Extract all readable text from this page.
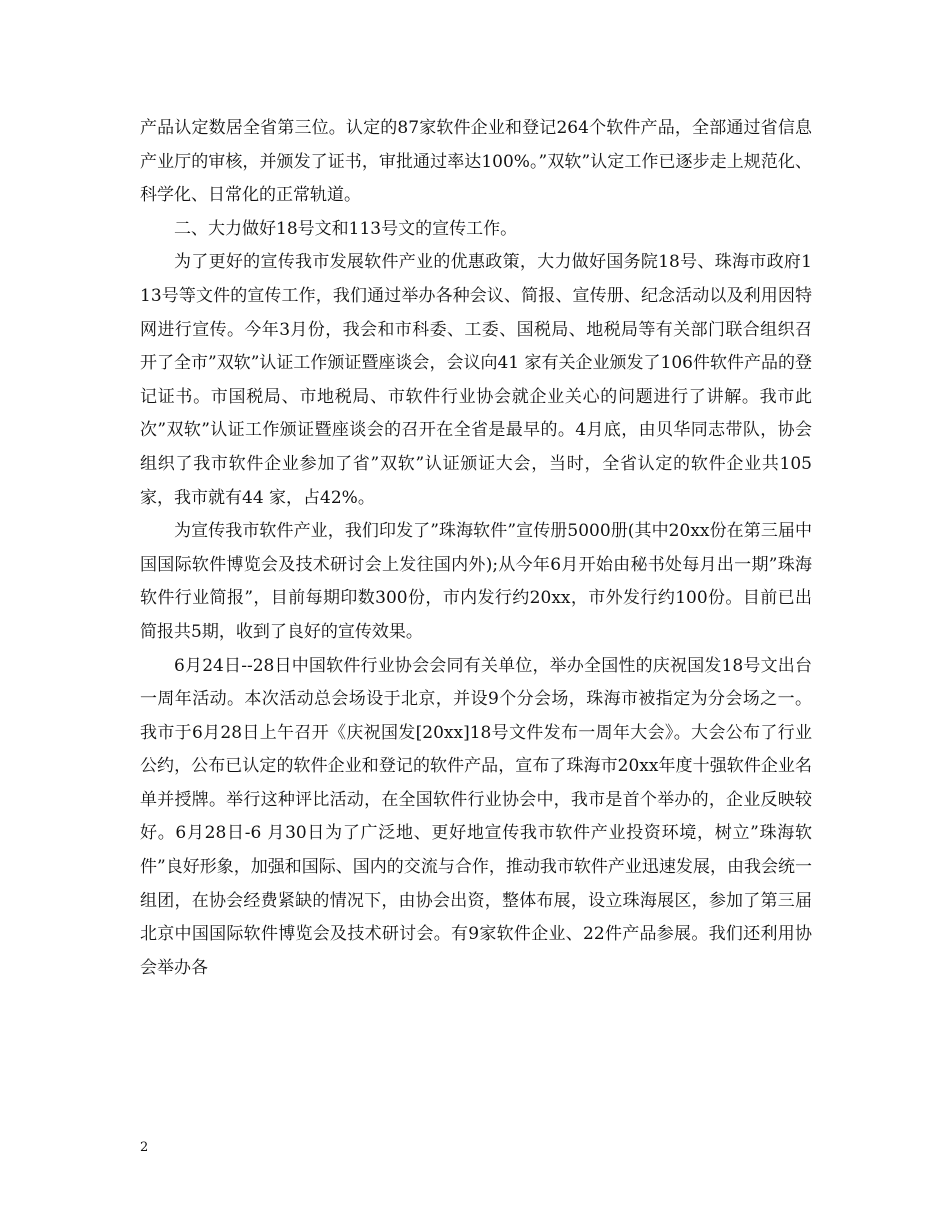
产品认定数居全省第三位。认定的87家软件企业和登记264个软件产品，全部通过省信息产业厅的审核，并颁发了证书，审批通过率达100%。”双软”认定工作已逐步走上规范化、科学化、日常化的正常轨道。

二、大力做好18号文和113号文的宣传工作。

为了更好的宣传我市发展软件产业的优惠政策，大力做好国务院18号、珠海市政府113号等文件的宣传工作，我们通过举办各种会议、简报、宣传册、纪念活动以及利用因特网进行宣传。今年3月份，我会和市科委、工委、国税局、地税局等有关部门联合组织召开了全市”双软”认证工作颁证暨座谈会，会议向41 家有关企业颁发了106件软件产品的登记证书。市国税局、市地税局、市软件行业协会就企业关心的问题进行了讲解。我市此次”双软”认证工作颁证暨座谈会的召开在全省是最早的。4月底，由贝华同志带队，协会组织了我市软件企业参加了省”双软”认证颁证大会，当时，全省认定的软件企业共105家，我市就有44 家，占42%。

为宣传我市软件产业，我们印发了”珠海软件”宣传册5000册(其中20xx份在第三届中国国际软件博览会及技术研讨会上发往国内外);从今年6月开始由秘书处每月出一期”珠海软件行业简报”，目前每期印数300份，市内发行约20xx，市外发行约100份。目前已出简报共5期，收到了良好的宣传效果。

6月24日--28日中国软件行业协会会同有关单位，举办全国性的庆祝国发18号文出台一周年活动。本次活动总会场设于北京，并设9个分会场，珠海市被指定为分会场之一。我市于6月28日上午召开《庆祝国发[20xx]18号文件发布一周年大会》。大会公布了行业公约，公布已认定的软件企业和登记的软件产品，宣布了珠海市20xx年度十强软件企业名单并授牌。举行这种评比活动，在全国软件行业协会中，我市是首个举办的，企业反映较好。6月28日-6 月30日为了广泛地、更好地宣传我市软件产业投资环境，树立”珠海软件”良好形象，加强和国际、国内的交流与合作，推动我市软件产业迅速发展，由我会统一组团，在协会经费紧缺的情况下，由协会出资，整体布展，设立珠海展区，参加了第三届北京中国国际软件博览会及技术研讨会。有9家软件企业、22件产品参展。我们还利用协会举办各

2
